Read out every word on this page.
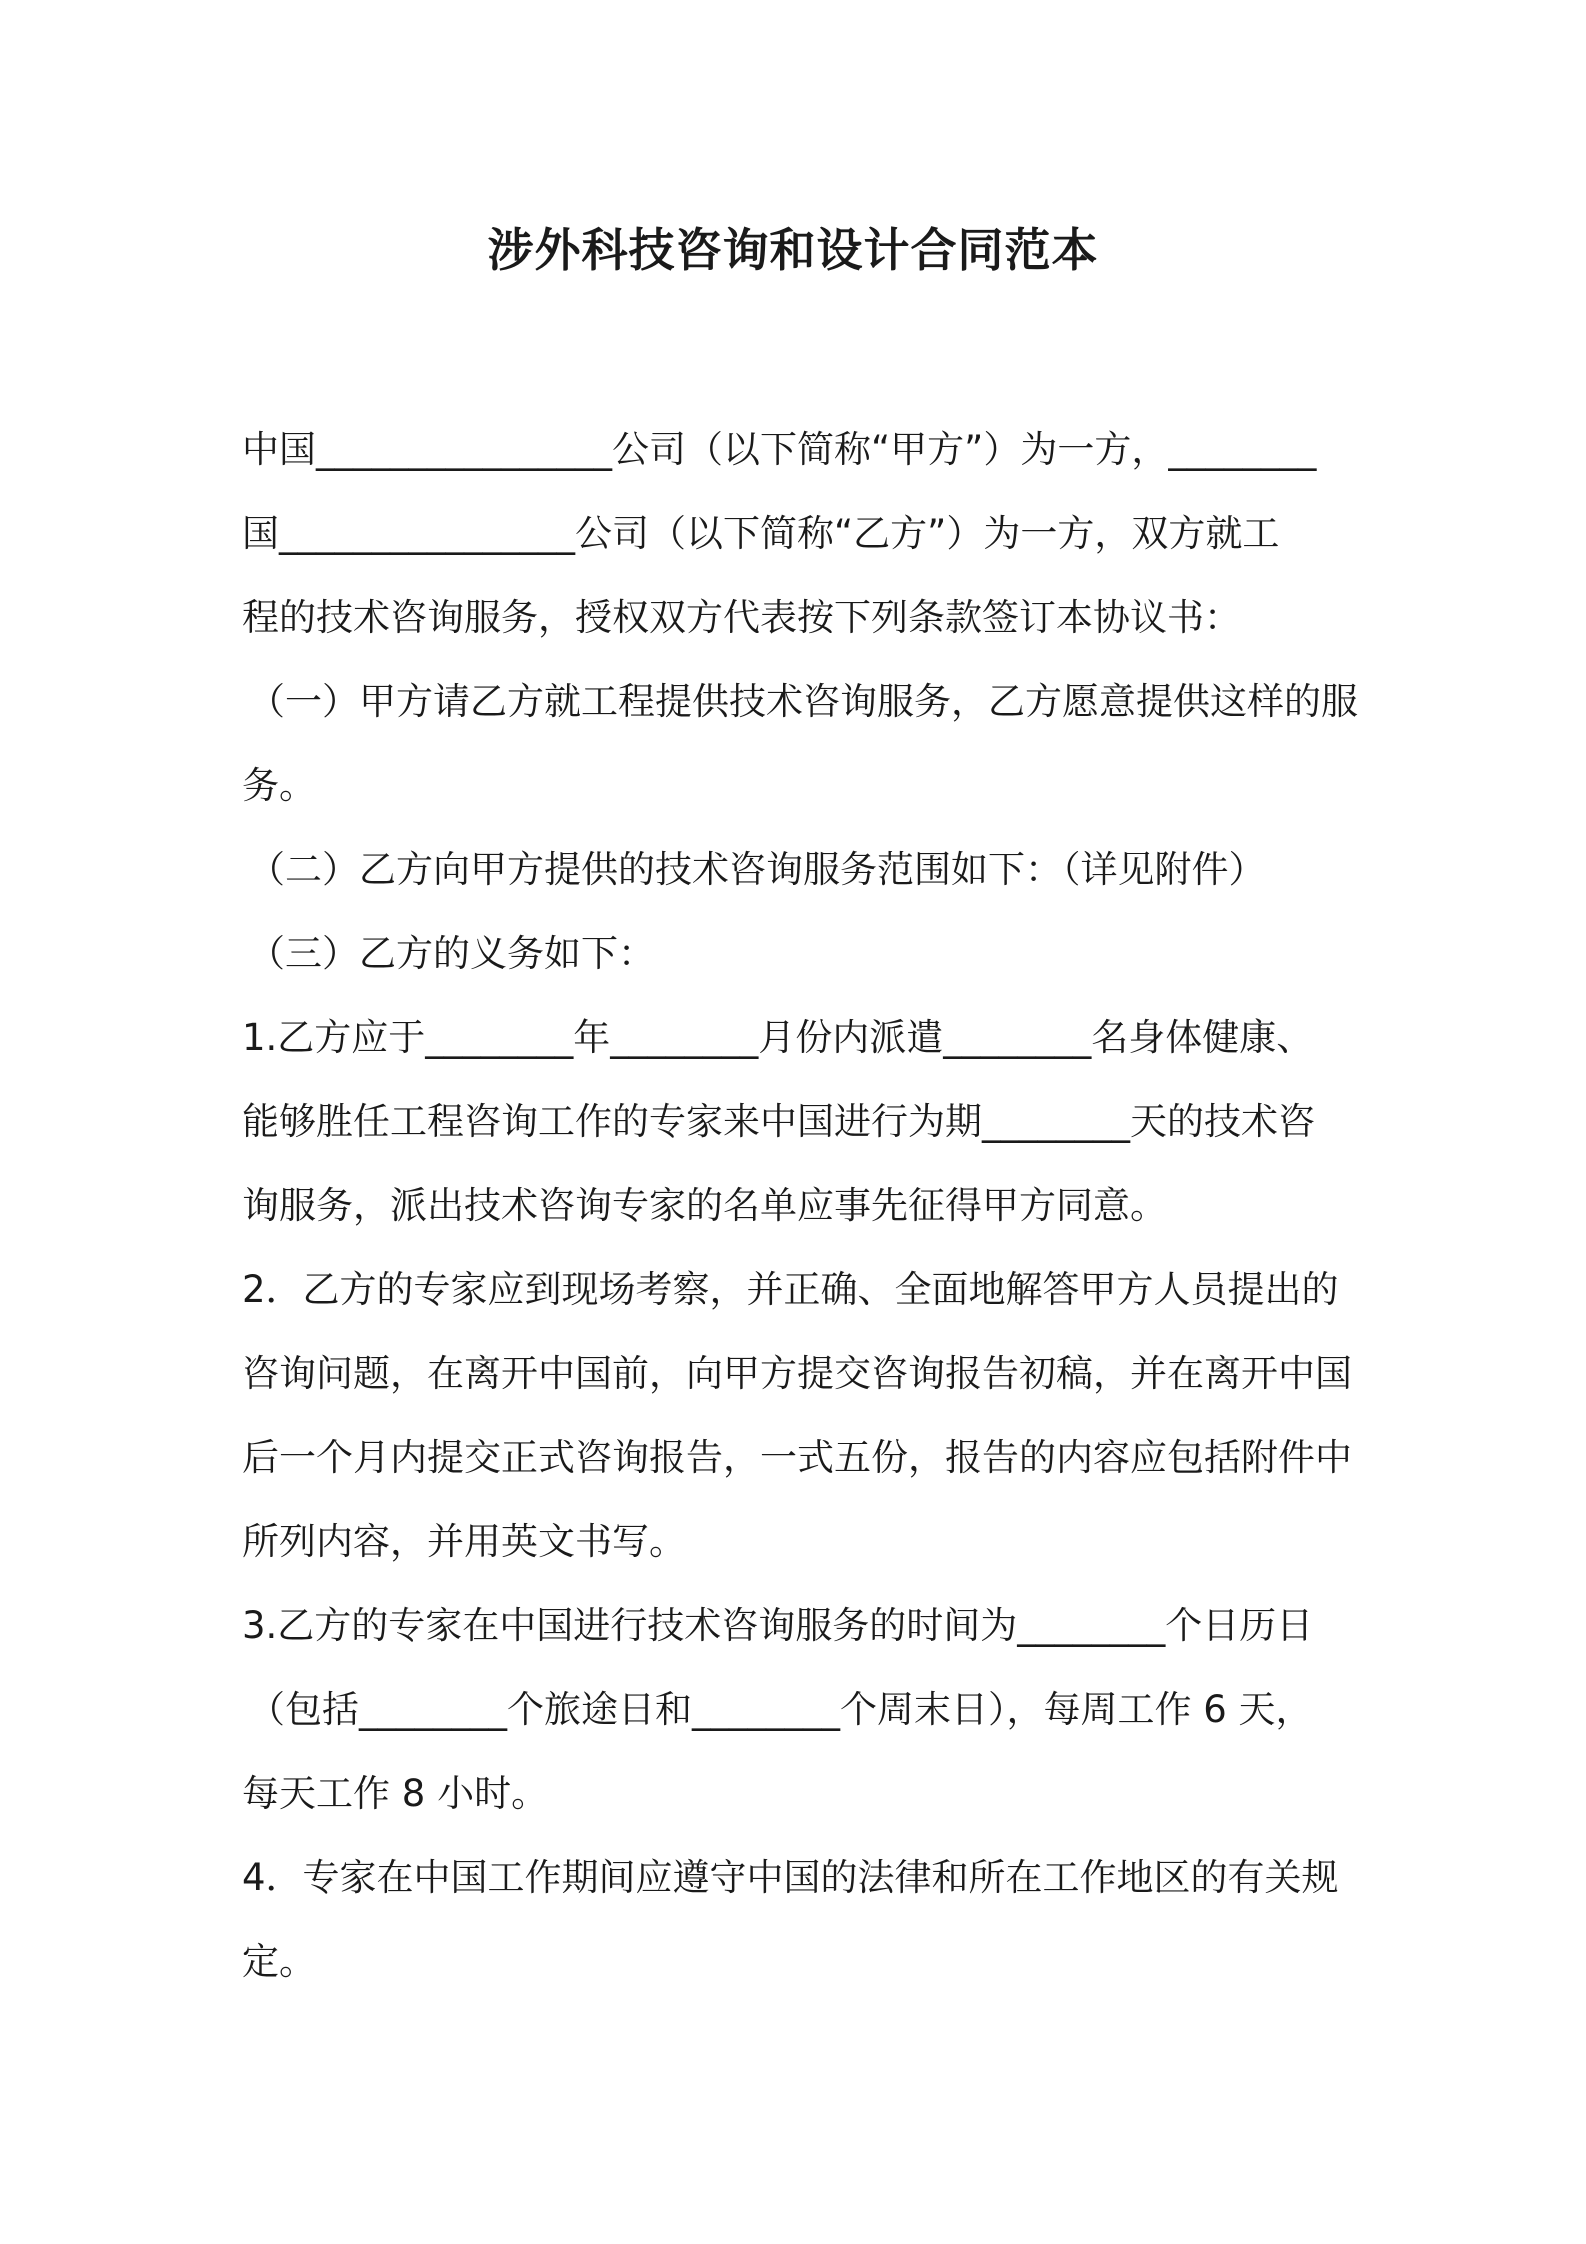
涉外科技咨询和设计合同范本
中国________________公司（以下简称“甲方”）为一方，________
国________________公司（以下简称“乙方”）为一方，双方就工
程的技术咨询服务，授权双方代表按下列条款签订本协议书：
（一）甲方请乙方就工程提供技术咨询服务，乙方愿意提供这样的服
务。
（二）乙方向甲方提供的技术咨询服务范围如下：（详见附件）
（三）乙方的义务如下：
1.乙方应于________年________月份内派遣________名身体健康、
能够胜任工程咨询工作的专家来中国进行为期________天的技术咨
询服务，派出技术咨询专家的名单应事先征得甲方同意。
2．乙方的专家应到现场考察，并正确、全面地解答甲方人员提出的
咨询问题，在离开中国前，向甲方提交咨询报告初稿，并在离开中国
后一个月内提交正式咨询报告，一式五份，报告的内容应包括附件中
所列内容，并用英文书写。
3.乙方的专家在中国进行技术咨询服务的时间为________个日历日
（包括________个旅途日和________个周末日），每周工作 6 天，
每天工作 8 小时。
4．专家在中国工作期间应遵守中国的法律和所在工作地区的有关规
定。
